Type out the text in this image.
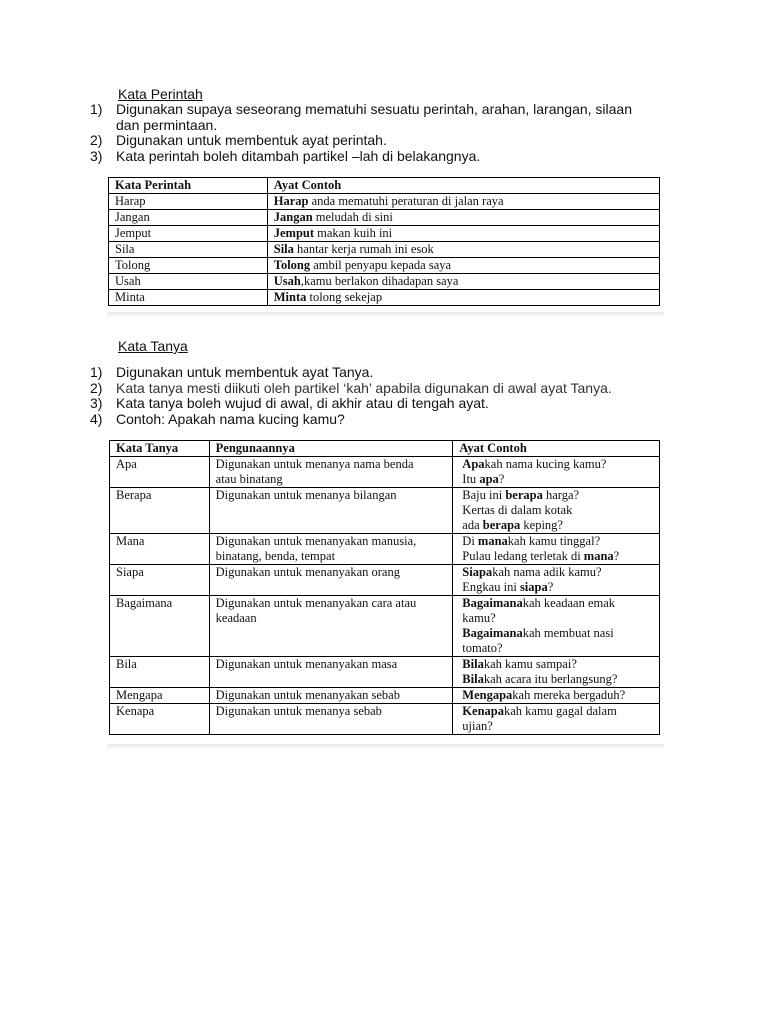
Kata Perintah
1) Digunakan supaya seseorang mematuhi sesuatu perintah, arahan, larangan, silaan
dan permintaan.
2) Digunakan untuk membentuk ayat perintah.
3) Kata perintah boleh ditambah partikel –lah di belakangnya.
Kata Perintah	Ayat Contoh
Harap	Harap anda mematuhi peraturan di jalan raya
Jangan	Jangan meludah di sini
Jemput	Jemput makan kuih ini
Sila	Sila hantar kerja rumah ini esok
Tolong	Tolong ambil penyapu kepada saya
Usah	Usah,kamu berlakon dihadapan saya
Minta	Minta tolong sekejap
Kata Tanya
1) Digunakan untuk membentuk ayat Tanya.
2) Kata tanya mesti diikuti oleh partikel ‘kah’ apabila digunakan di awal ayat Tanya.
3) Kata tanya boleh wujud di awal, di akhir atau di tengah ayat.
4) Contoh: Apakah nama kucing kamu?
Kata Tanya	Pengunaannya	Ayat Contoh
Apa	Digunakan untuk menanya nama benda
atau binatang	Apakah nama kucing kamu?
Itu apa?

Berapa	Digunakan untuk menanya bilangan	Baju ini berapa harga?
Kertas di dalam kotak
ada berapa keping?

Mana	Digunakan untuk menanyakan manusia,
binatang, benda, tempat	Di manakah kamu tinggal?
Pulau ledang terletak di mana?

Siapa	Digunakan untuk menanyakan orang	Siapakah nama adik kamu?
Engkau ini siapa?

Bagaimana	Digunakan untuk menanyakan cara atau
keadaan	Bagaimanakah keadaan emak
kamu?
Bagaimanakah membuat nasi
tomato?

Bila	Digunakan untuk menanyakan masa	Bilakah kamu sampai?
Bilakah acara itu berlangsung?

Mengapa	Digunakan untuk menanyakan sebab	Mengapakah mereka bergaduh?

Kenapa	Digunakan untuk menanya sebab	Kenapakah kamu gagal dalam
ujian?
